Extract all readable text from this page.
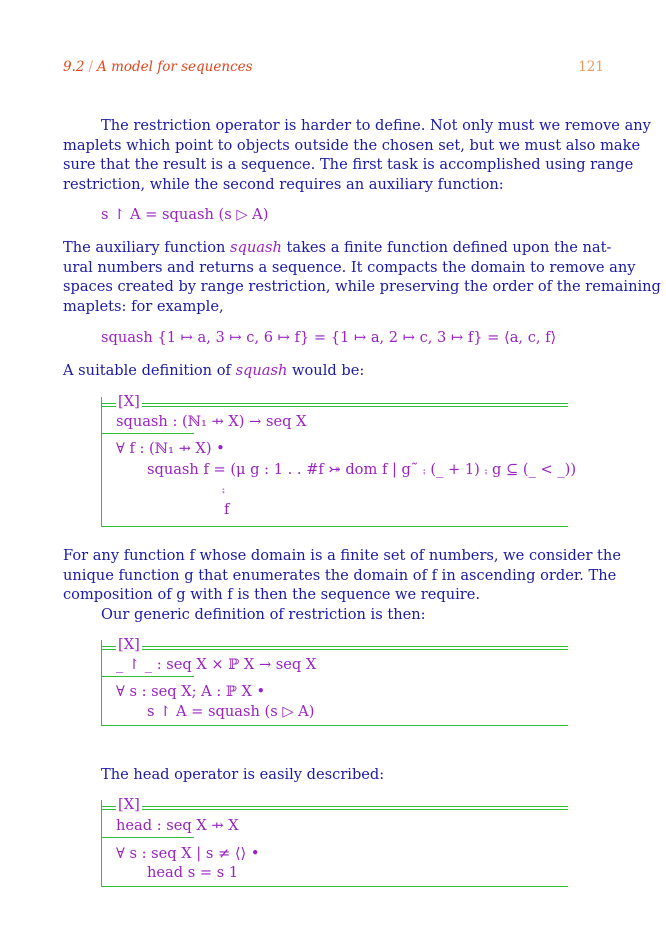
9.2 / A model for sequences	121
The restriction operator is harder to define. Not only must we remove any
maplets which point to objects outside the chosen set, but we must also make
sure that the result is a sequence. The first task is accomplished using range
restriction, while the second requires an auxiliary function:
s ↾ A = squash (s ▷ A)
The auxiliary function squash takes a finite function defined upon the nat-
ural numbers and returns a sequence. It compacts the domain to remove any
spaces created by range restriction, while preserving the order of the remaining
maplets: for example,
squash {1 ↦ a, 3 ↦ c, 6 ↦ f} = {1 ↦ a, 2 ↦ c, 3 ↦ f} = ⟨a, c, f⟩
A suitable definition of squash would be:
[X]
squash : (ℕ₁ ⇸ X) → seq X
∀ f : (ℕ₁ ⇸ X) •
squash f = (μ g : 1 . . #f ⤖ dom f | g˜ ⨾ (_ + 1) ⨾ g ⊆ (_ < _))
⨾
f
For any function f whose domain is a finite set of numbers, we consider the
unique function g that enumerates the domain of f in ascending order. The
composition of g with f is then the sequence we require.
Our generic definition of restriction is then:
[X]
_ ↾ _ : seq X × ℙ X → seq X
∀ s : seq X; A : ℙ X •
s ↾ A = squash (s ▷ A)
The head operator is easily described:
[X]
head : seq X ⇸ X
∀ s : seq X | s ≠ ⟨⟩ •
head s = s 1
